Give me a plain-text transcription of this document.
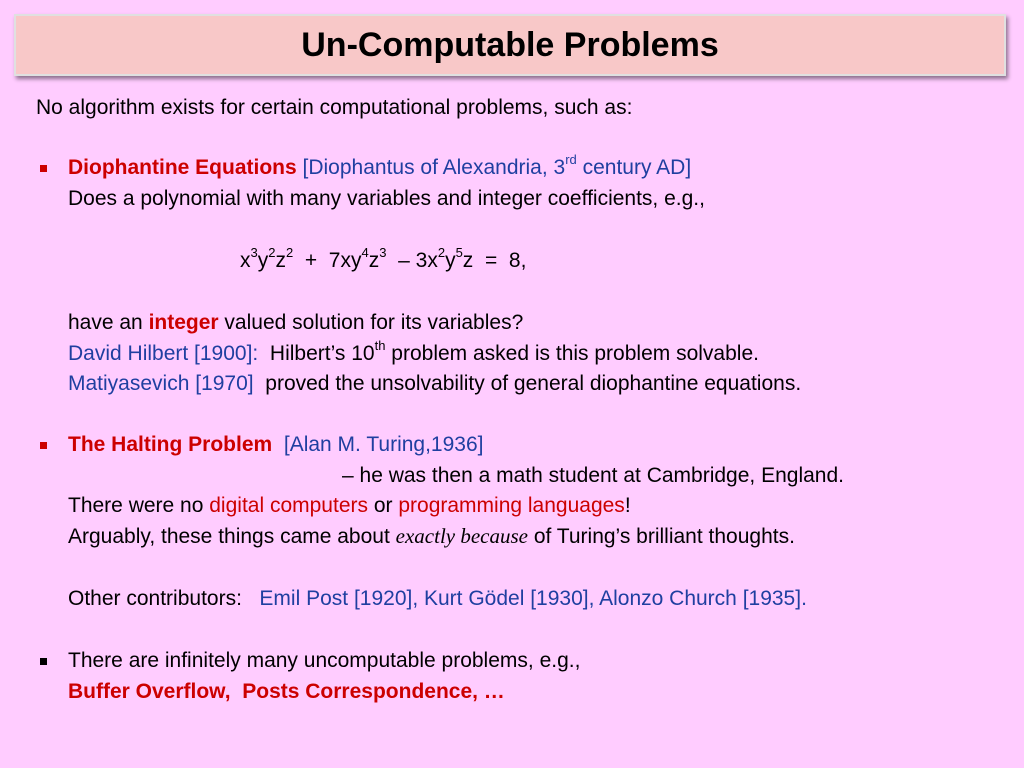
Un-Computable Problems
No algorithm exists for certain computational problems, such as:
Diophantine Equations [Diophantus of Alexandria, 3rd century AD]
Does a polynomial with many variables and integer coefficients, e.g.,
$x^3y^2z^2 + 7xy^4z^3 - 3x^2y^5z = 8$,
have an integer valued solution for its variables?
David Hilbert [1900]:  Hilbert’s 10th problem asked is this problem solvable.
Matiyasevich [1970]  proved the unsolvability of general diophantine equations.
The Halting Problem [Alan M. Turing,1936]
– he was then a math student at Cambridge, England.
There were no digital computers or programming languages!
Arguably, these things came about exactly because of Turing’s brilliant thoughts.
Other contributors: Emil Post [1920], Kurt Gödel [1930], Alonzo Church [1935].
There are infinitely many uncomputable problems, e.g.,
Buffer Overflow,  Posts Correspondence, …
